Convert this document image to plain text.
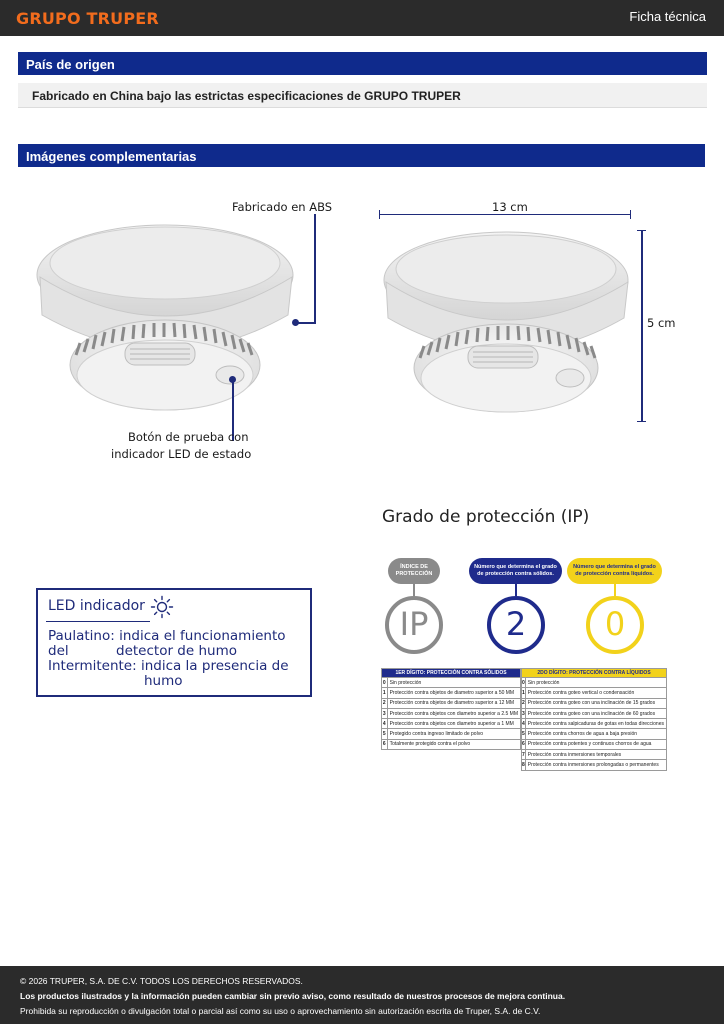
GRUPO TRUPER	Ficha técnica
País de origen
Fabricado en China bajo las estrictas especificaciones de GRUPO TRUPER
Imágenes complementarias
Fabricado en ABS
Botón de prueba con
indicador LED de estado
13 cm
5 cm
Grado de protección (IP)
ÍNDICE DE
PROTECCIÓN
Número que determina el grado
de protección contra sólidos.
Número que determina el grado
de protección contra líquidos.
IP	2	0
LED indicador
Paulatino: indica el funcionamiento del	detector de humo
Intermitente: indica la presencia de
humo	1ER DÍGITO: PROTECCIÓN CONTRA SÓLIDOS	
0	Sin protección
1	Protección contra objetos de diametro superior a 50 MM
2	Protección contra objetos de diametro superior a 12 MM
3	Protección contra objetos con diametro superior a 2.5 MM
4	Protección contra objetos con diametro superior a 1 MM
5	Protegido contra ingreso limitado de polvo
6	Totalmente protegido contra el polvo
2DO DÍGITO: PROTECCIÓN CONTRA LÍQUIDOS	
0	Sin protección
1	Protección contra goteo vertical o condensación
2	Protección contra goteo con una inclinación de 15 grados
3	Protección contra goteo con una inclinación de 60 grados
4	Protección contra salpicaduras de gotas en todas direcciones
5	Protección contra chorros de agua a baja presión
6	Protección contra potentes y continuos chorros de agua
7	Protección contra inmersiones temporales
8	Protección contra inmersiones prolongadas o permanentes
© 2026 TRUPER, S.A. DE C.V. TODOS LOS DERECHOS RESERVADOS.
Los productos ilustrados y la información pueden cambiar sin previo aviso, como resultado de nuestros procesos de mejora continua.
Prohibida su reproducción o divulgación total o parcial así como su uso o aprovechamiento sin autorización escrita de Truper, S.A. de C.V.
